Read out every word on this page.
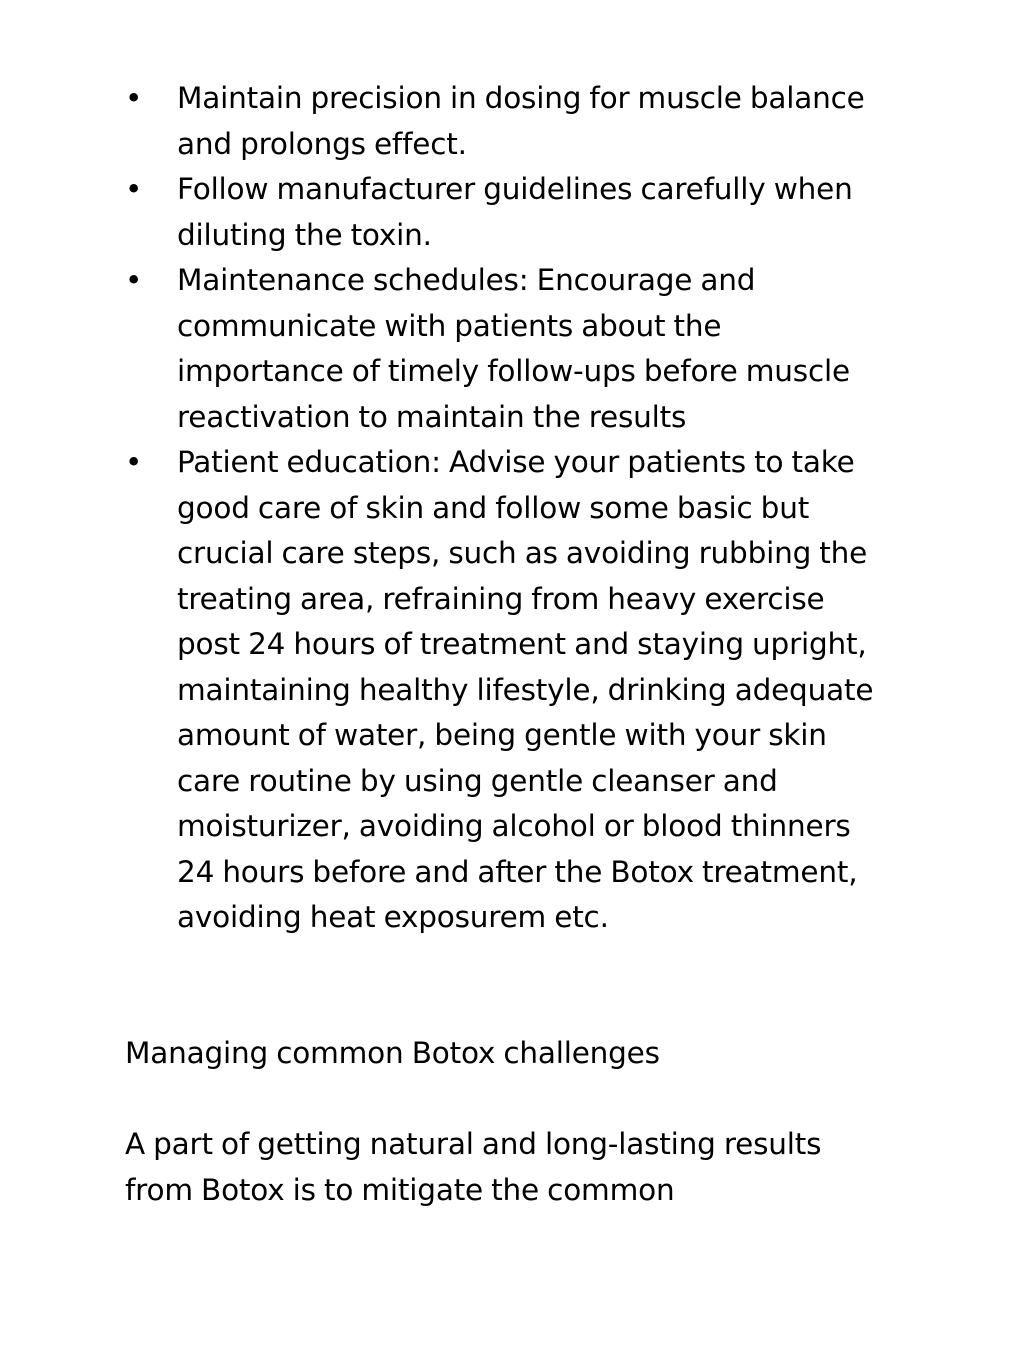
• Maintain precision in dosing for muscle balance and prolongs effect.
• Follow manufacturer guidelines carefully when diluting the toxin.
• Maintenance schedules: Encourage and communicate with patients about the importance of timely follow-ups before muscle reactivation to maintain the results
• Patient education: Advise your patients to take good care of skin and follow some basic but crucial care steps, such as avoiding rubbing the treating area, refraining from heavy exercise post 24 hours of treatment and staying upright, maintaining healthy lifestyle, drinking adequate amount of water, being gentle with your skin care routine by using gentle cleanser and moisturizer, avoiding alcohol or blood thinners 24 hours before and after the Botox treatment, avoiding heat exposurem etc.

Managing common Botox challenges

A part of getting natural and long-lasting results from Botox is to mitigate the common
